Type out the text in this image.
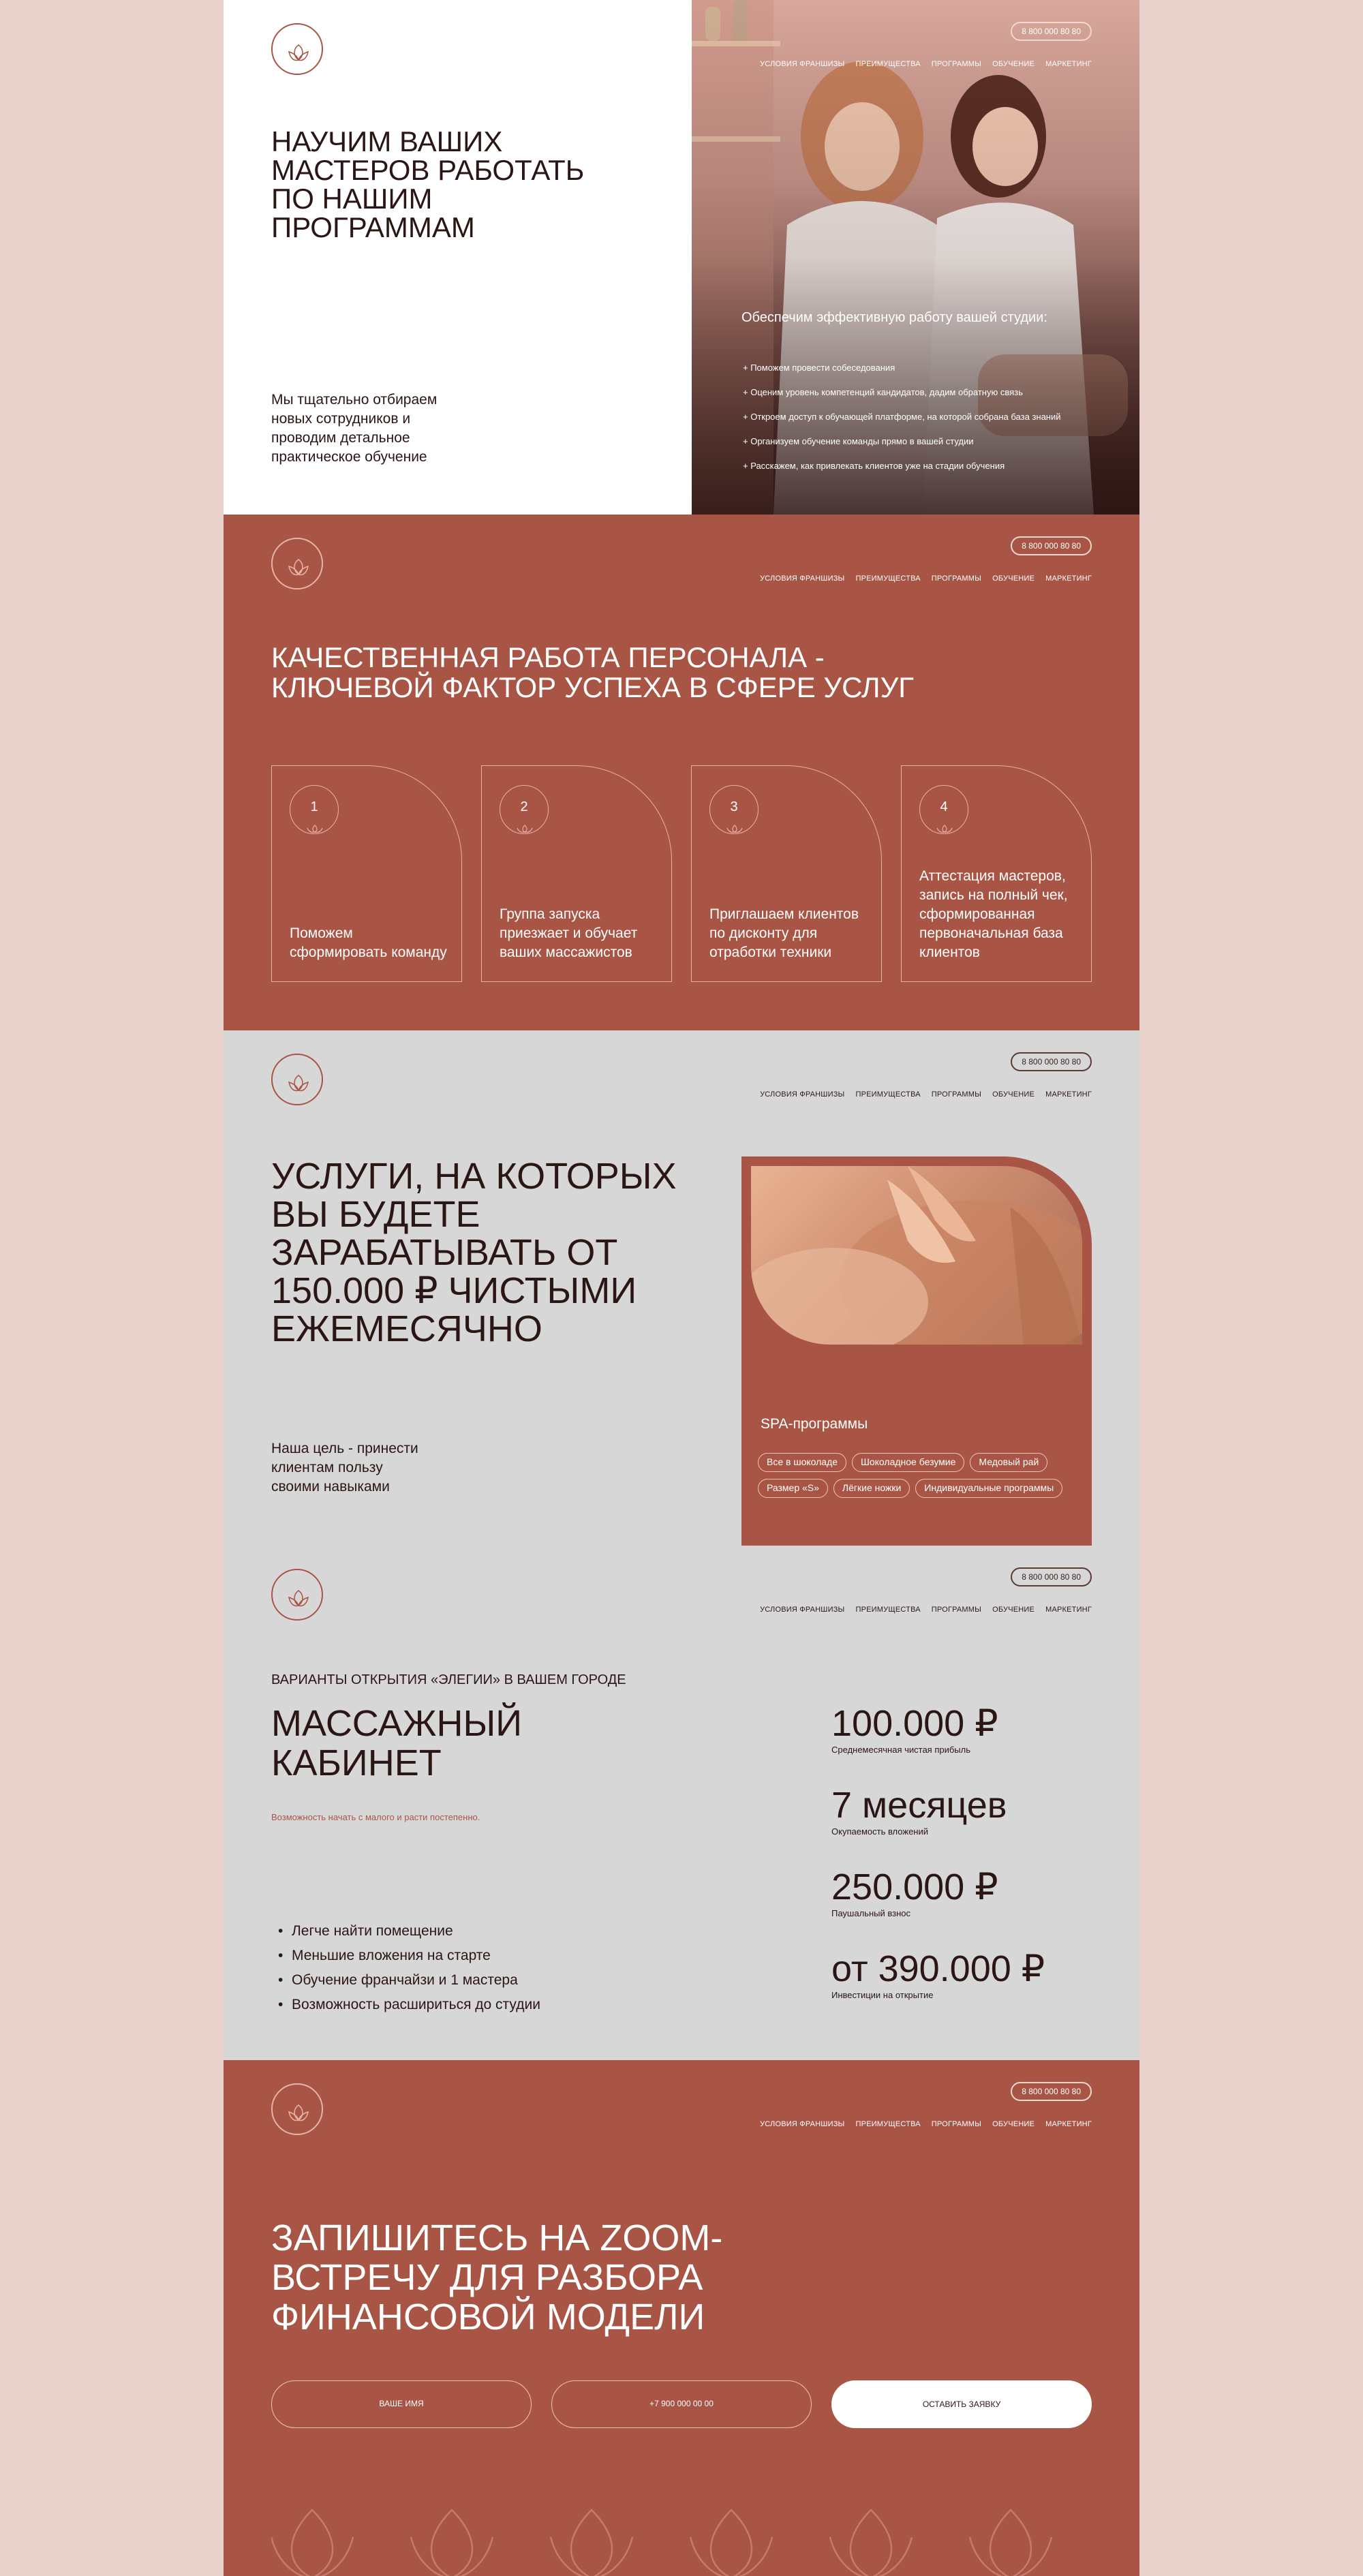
8 800 000 80 80
УСЛОВИЯ ФРАНШИЗЫ ПРЕИМУЩЕСТВА ПРОГРАММЫ ОБУЧЕНИЕ МАРКЕТИНГ
НАУЧИМ ВАШИХ МАСТЕРОВ РАБОТАТЬ ПО НАШИМ ПРОГРАММАМ

Мы тщательно отбираем новых сотрудников и проводим детальное практическое обучение

Обеспечим эффективную работу вашей студии:

+ Поможем провести собеседования
+ Оценим уровень компетенций кандидатов, дадим обратную связь
+ Откроем доступ к обучающей платформе, на которой собрана база знаний
+ Организуем обучение команды прямо в вашей студии
+ Расскажем, как привлекать клиентов уже на стадии обучения
8 800 000 80 80
УСЛОВИЯ ФРАНШИЗЫ ПРЕИМУЩЕСТВА ПРОГРАММЫ ОБУЧЕНИЕ МАРКЕТИНГ
КАЧЕСТВЕННАЯ РАБОТА ПЕРСОНАЛА - КЛЮЧЕВОЙ ФАКТОР УСПЕХА В СФЕРЕ УСЛУГ
1

Поможем сформировать команду

2

Группа запуска приезжает и обучает ваших массажистов

3

Приглашаем клиентов по дисконту для отработки техники

4

Аттестация мастеров, запись на полный чек, сформированная первоначальная база клиентов

8 800 000 80 80
УСЛОВИЯ ФРАНШИЗЫ ПРЕИМУЩЕСТВА ПРОГРАММЫ ОБУЧЕНИЕ МАРКЕТИНГ
УСЛУГИ, НА КОТОРЫХ ВЫ БУДЕТЕ ЗАРАБАТЫВАТЬ ОТ 150.000 ₽ ЧИСТЫМИ ЕЖЕМЕСЯЧНО

Наша цель - принести клиентам пользу своими навыками

SPA-программы

Все в шоколаде	Шоколадное безумие	Медовый рай
Размер «S»	Лёгкие ножки	Индивидуальные программы
8 800 000 80 80
УСЛОВИЯ ФРАНШИЗЫ ПРЕИМУЩЕСТВА ПРОГРАММЫ ОБУЧЕНИЕ МАРКЕТИНГ

ВАРИАНТЫ ОТКРЫТИЯ «ЭЛЕГИИ» В ВАШЕМ ГОРОДЕ

МАССАЖНЫЙ КАБИНЕТ

Возможность начать с малого и расти постепенно.

• Легче найти помещение
• Меньшие вложения на старте
• Обучение франчайзи и 1 мастера
• Возможность расшириться до студии
100.000 ₽
Среднемесячная чистая прибыль
7 месяцев
Окупаемость вложений
250.000 ₽
Паушальный взнос
от 390.000 ₽
Инвестиции на открытие
8 800 000 80 80
УСЛОВИЯ ФРАНШИЗЫ ПРЕИМУЩЕСТВА ПРОГРАММЫ ОБУЧЕНИЕ МАРКЕТИНГ
ЗАПИШИТЕСЬ НА ZOOM-ВСТРЕЧУ ДЛЯ РАЗБОРА ФИНАНСОВОЙ МОДЕЛИ
ВАШЕ ИМЯ	+7 900 000 00 00	ОСТАВИТЬ ЗАЯВКУ
